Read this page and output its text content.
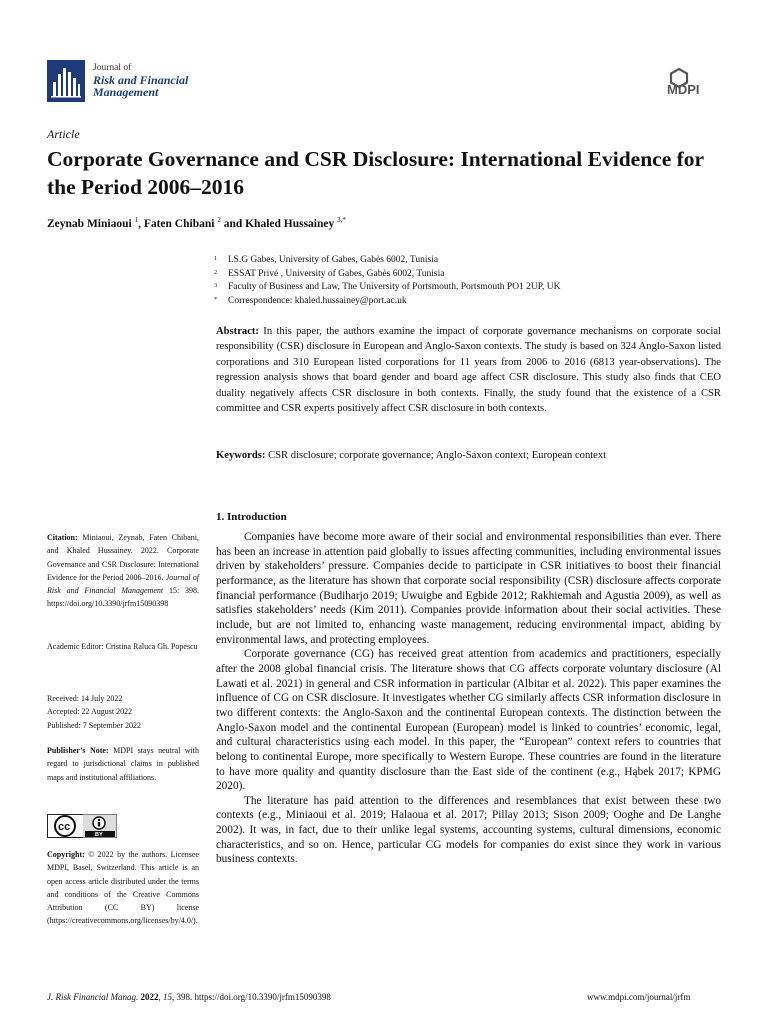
Journal of
Risk and Financial
Management	MDPI
Article
Corporate Governance and CSR Disclosure: International Evidence for the Period 2006–2016
Zeynab Miniaoui $^1$, Faten Chibani $^2$ and Khaled Hussainey $^{3,*}$
1 I.S.G Gabes, University of Gabes, Gabès 6002, Tunisia
2 ESSAT Privé , University of Gabes, Gabès 6002, Tunisia
3 Faculty of Business and Law, The University of Portsmouth, Portsmouth PO1 2UP, UK
* Correspondence: khaled.hussainey@port.ac.uk
Abstract: In this paper, the authors examine the impact of corporate governance mechanisms on corporate social responsibility (CSR) disclosure in European and Anglo-Saxon contexts. The study is based on 324 Anglo-Saxon listed corporations and 310 European listed corporations for 11 years from 2006 to 2016 (6813 year-observations). The regression analysis shows that board gender and board age affect CSR disclosure. This study also finds that CEO duality negatively affects CSR disclosure in both contexts. Finally, the study found that the existence of a CSR committee and CSR experts positively affect CSR disclosure in both contexts.
Keywords: CSR disclosure; corporate governance; Anglo-Saxon context; European context
1. Introduction

Companies have become more aware of their social and environmental responsibilities than ever. There has been an increase in attention paid globally to issues affecting communities, including environmental issues driven by stakeholders’ pressure. Companies decide to participate in CSR initiatives to boost their financial performance, as the literature has shown that corporate social responsibility (CSR) disclosure affects corporate financial performance (Budiharjo 2019; Uwuigbe and Egbide 2012; Rakhiemah and Agustia 2009), as well as satisfies stakeholders’ needs (Kim 2011). Companies provide information about their social activities. These include, but are not limited to, enhancing waste management, reducing environmental impact, abiding by environmental laws, and protecting employees.

Corporate governance (CG) has received great attention from academics and practitioners, especially after the 2008 global financial crisis. The literature shows that CG affects corporate voluntary disclosure (Al Lawati et al. 2021) in general and CSR information in particular (Albitar et al. 2022). This paper examines the influence of CG on CSR disclosure. It investigates whether CG similarly affects CSR information disclosure in two different contexts: the Anglo-Saxon and the continental European contexts. The distinction between the Anglo-Saxon model and the continental European (European) model is linked to countries’ economic, legal, and cultural characteristics using each model. In this paper, the “European” context refers to countries that belong to continental Europe, more specifically to Western Europe. These countries are found in the literature to have more quality and quantity disclosure than the East side of the continent (e.g., Hąbek 2017; KPMG 2020).

The literature has paid attention to the differences and resemblances that exist between these two contexts (e.g., Miniaoui et al. 2019; Halaoua et al. 2017; Pillay 2013; Sison 2009; Ooghe and De Langhe 2002). It was, in fact, due to their unlike legal systems, accounting systems, cultural dimensions, economic characteristics, and so on. Hence, particular CG models for companies do exist since they work in various business contexts.

Citation: Miniaoui, Zeynab, Faten Chibani, and Khaled Hussainey. 2022. Corporate Governance and CSR Disclosure: International Evidence for the Period 2006–2016. Journal of Risk and Financial Management 15: 398. https://doi.org/10.3390/jrfm15090398
Academic Editor: Cristina Raluca Gh. Popescu
Received: 14 July 2022
Accepted: 22 August 2022
Published: 7 September 2022
Publisher’s Note: MDPI stays neutral with regard to jurisdictional claims in published maps and institutional affiliations.
cc
BY
Copyright: © 2022 by the authors. Licensee MDPI, Basel, Switzerland. This article is an open access article distributed under the terms and conditions of the Creative Commons Attribution (CC BY) license (https://creativecommons.org/licenses/by/4.0/).
J. Risk Financial Manag. 2022, 15, 398. https://doi.org/10.3390/jrfm15090398	www.mdpi.com/journal/jrfm
